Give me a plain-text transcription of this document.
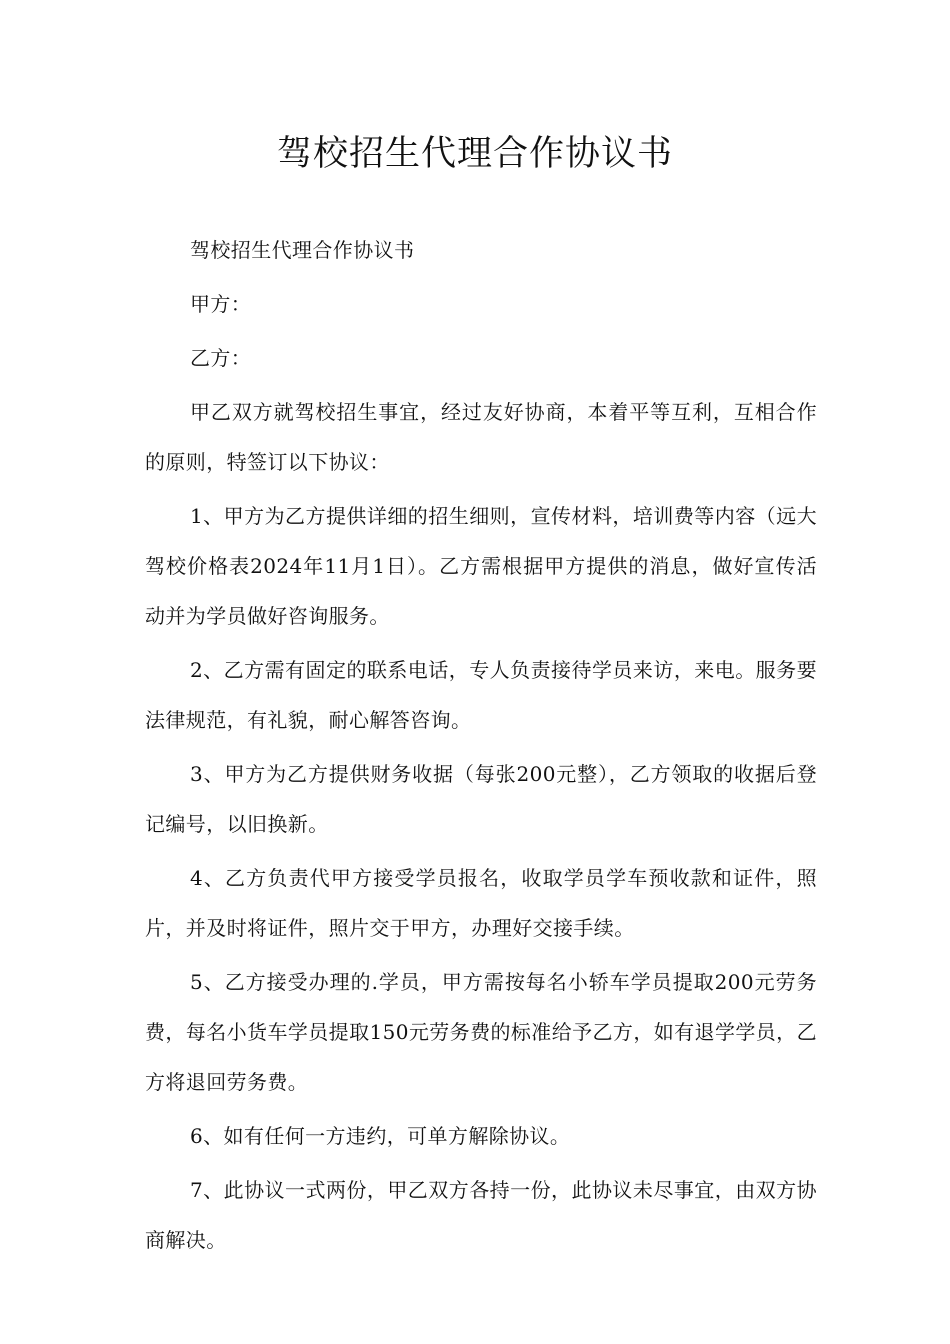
驾校招生代理合作协议书

驾校招生代理合作协议书

甲方：

乙方：

甲乙双方就驾校招生事宜，经过友好协商，本着平等互利，互相合作的原则，特签订以下协议：

1、甲方为乙方提供详细的招生细则，宣传材料，培训费等内容（远大驾校价格表2024年11月1日）。乙方需根据甲方提供的消息，做好宣传活动并为学员做好咨询服务。

2、乙方需有固定的联系电话，专人负责接待学员来访，来电。服务要法律规范，有礼貌，耐心解答咨询。

3、甲方为乙方提供财务收据（每张200元整），乙方领取的收据后登记编号，以旧换新。

4、乙方负责代甲方接受学员报名，收取学员学车预收款和证件，照片，并及时将证件，照片交于甲方，办理好交接手续。

5、乙方接受办理的.学员，甲方需按每名小轿车学员提取200元劳务费，每名小货车学员提取150元劳务费的标准给予乙方，如有退学学员，乙方将退回劳务费。

6、如有任何一方违约，可单方解除协议。

7、此协议一式两份，甲乙双方各持一份，此协议未尽事宜，由双方协商解决。
